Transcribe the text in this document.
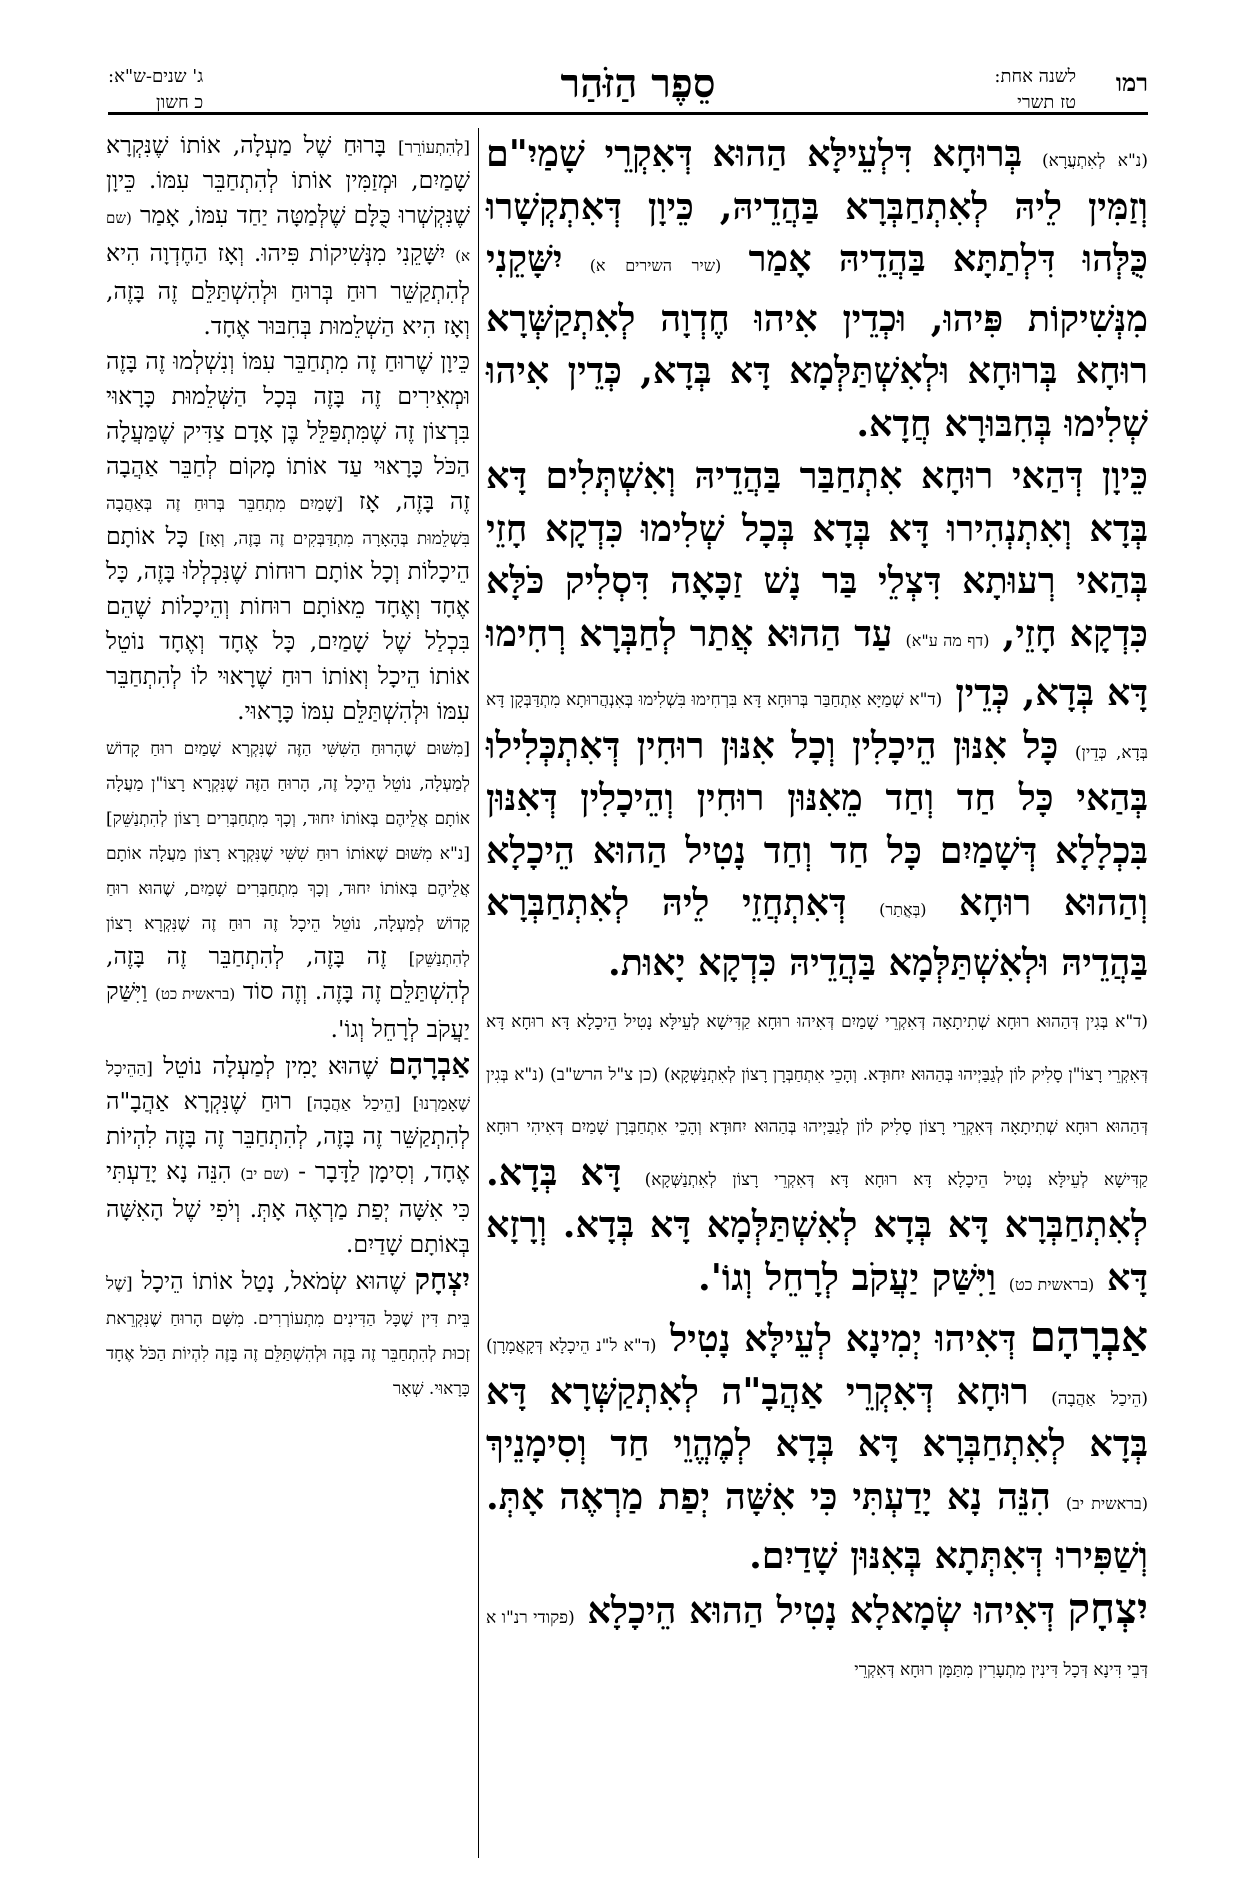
רמו
לשנה אחת:
טז תשרי
סֵפֶר הַזֹּהַר
ג' שנים-ש"א:
כ חשון

(נ"א לְאִתְעֲרָא) בְּרוּחָא דִּלְעֵילָּא הַהוּא דְּאִקְרֵי שָׁמַיִ"ם וְזַמִּין לֵיהּ לְאִתְחַבְּרָא בַּהֲדֵיהּ, כֵּיוָן דְּאִתְקְשָׁרוּ כֻּלְּהוּ דִּלְתַתָּא בַּהֲדֵיהּ אָמַר (שיר השירים א) יִשָּׁקֵנִי מִנְּשִׁיקוֹת פִּיהוּ, וּכְדֵין אִיהוּ חֶדְוָה לְאִתְקַשְּׁרָא רוּחָא בְּרוּחָא וּלְאִשְׁתַּלְּמָא דָּא בְּדָא, כְּדֵין אִיהוּ שְׁלִימוּ בְּחִבּוּרָא חֲדָא.

כֵּיוָן דְּהַאי רוּחָא אִתְחַבַּר בַּהֲדֵיהּ וְאִשְׁתְּלִים דָּא בְּדָא וְאִתְנְהִירוּ דָּא בְּדָא בְּכָל שְׁלִימוּ כִּדְקָא חָזֵי בְּהַאי רְעוּתָא דִּצְלֵי בַּר נָשׁ זַכָּאָה דִּסְלִיק כֹּלָּא כִּדְקָא חָזֵי, (דף מה ע"א) עַד הַהוּא אֲתַר לְחַבְּרָא רְחִימוּ דָּא בְּדָא, כְּדֵין (ד"א שְׁמַיָּא אִתְחַבַּר בְּרוּחָא דָּא בִּרְחִימוּ בִּשְׁלִימוּ בְּאִנְהֲרוּתָא מִתְדַּבְּקָן דָּא בְּדָא, כְּדֵין) כָּל אִנּוּן הֵיכָלִין וְכָל אִנּוּן רוּחִין דְּאִתְכְּלִילוּ בְּהַאי כָּל חַד וְחַד מֵאִנּוּן רוּחִין וְהֵיכָלִין דְּאִנּוּן בִּכְלָלָא דְּשָׁמַיִם כָּל חַד וְחַד נָטִיל הַהוּא הֵיכָלָא וְהַהוּא רוּחָא (בְּאֲתַר) דְּאִתְחֲזֵי לֵיהּ לְאִתְחַבְּרָא בַּהֲדֵיהּ וּלְאִשְׁתַּלְּמָא בַּהֲדֵיהּ כִּדְקָא יָאוּת.

(ד"א בְּגִין דְּהַהוּא רוּחָא שְׁתִיתָאָה דְּאִקְרֵי שָׁמַיִם דְּאִיהוּ רוּחָא קַדִּישָׁא לְעֵילָּא נָטִיל הֵיכָלָא דָּא רוּחָא דָּא דְּאִקְרֵי רָצוֹ"ן סָלִיק לוֹן לְגַבַּיְיהוּ בְּהַהוּא יִחוּדָא. וְהָכֵי אִתְחַבְּרָן רָצוֹן לְאִתְנַשְּׁקָא) (כן צ"ל הרש"ב) (נ"א בְּגִין דְּהַהוּא רוּחָא שְׁתִיתָאָה דְּאִקְרֵי רָצוֹן סָלִיק לוֹן לְגַבַּיְיהוּ בְּהַהוּא יִחוּדָא וְהָכֵי אִתְחַבְּרָן שָׁמַיִם דְּאִיהִי רוּחָא קַדִּישָׁא לְעֵילָּא נָטִיל הֵיכָלָא דָּא רוּחָא דָּא דְּאִקְרֵי רָצוֹן לְאִתְנַשְּׁקָא) דָּא בְּדָא. לְאִתְחַבְּרָא דָּא בְּדָא לְאִשְׁתַּלְּמָא דָּא בְּדָא. וְרָזָא דָּא (בראשית כט) וַיִּשַּׁק יַעֲקֹב לְרָחֵל וְגוֹ'.

אַבְרָהָם דְּאִיהוּ יְמִינָא לְעֵילָּא נָטִיל (ד"א ל"נ הֵיכָלָא דְּקָאֲמָרָן) (הֵיכַל אַהֲבָה) רוּחָא דְּאִקְרֵי אַהֲבָ"ה לְאִתְקַשְּׁרָא דָּא בְּדָא לְאִתְחַבְּרָא דָּא בְּדָא לְמֶהֱוֵי חַד וְסִימָנֵיךְ (בראשית יב) הִנֵּה נָא יָדַעְתִּי כִּי אִשָּׁה יְפַת מַרְאֶה אָתְּ. וְשַׁפִּירוּ דְּאִתְּתָא בְּאִנּוּן שָׁדַיִם.

יִצְחָק דְּאִיהוּ שְׂמָאלָא נָטִיל הַהוּא הֵיכָלָא (פקודי רנ"ו א דְּבֵי דִּינָא דְּכָל דִּינִין מִתְעָרִין מִתַּמָּן רוּחָא דְּאִקְרֵי

[לְהִתְעוֹרֵר] בָּרוּחַ שֶׁל מַעְלָה, אוֹתוֹ שֶׁנִּקְרָא שָׁמַיִם, וּמְזַמִּין אוֹתוֹ לְהִתְחַבֵּר עִמּוֹ. כֵּיוָן שֶׁנִּקְשְׁרוּ כֻּלָּם שֶׁלְּמַטָּה יַחַד עִמּוֹ, אָמַר (שם א) יִשָּׁקֵנִי מִנְּשִׁיקוֹת פִּיהוּ. וְאָז הַחֶדְוָה הִיא לְהִתְקַשֵּׁר רוּחַ בְּרוּחַ וּלְהִשְׁתַּלֵּם זֶה בָּזֶה, וְאָז הִיא הַשְׁלֵמוּת בְּחִבּוּר אֶחָד.

כֵּיוָן שֶׁרוּחַ זֶה מִתְחַבֵּר עִמּוֹ וְנִשְׁלְמוּ זֶה בָּזֶה וּמְאִירִים זֶה בָּזֶה בְּכָל הַשְּׁלֵמוּת כָּרָאוּי בִּרְצוֹן זֶה שֶׁמִּתְפַּלֵּל בֶּן אָדָם צַדִּיק שֶׁמַּעֲלָה הַכֹּל כָּרָאוּי עַד אוֹתוֹ מָקוֹם לְחַבֵּר אַהֲבָה זֶה בָּזֶה, אָז [שָׁמַיִם מִתְחַבֵּר בְּרוּחַ זֶה בְּאַהֲבָה בִּשְׁלֵמוּת בְּהָאָרָה מִתְדַּבְּקִים זֶה בָּזֶה, וְאָז] כָּל אוֹתָם הֵיכָלוֹת וְכָל אוֹתָם רוּחוֹת שֶׁנִּכְלְלוּ בָּזֶה, כָּל אֶחָד וְאֶחָד מֵאוֹתָם רוּחוֹת וְהֵיכָלוֹת שֶׁהֵם בִּכְלַל שֶׁל שָׁמַיִם, כָּל אֶחָד וְאֶחָד נוֹטֵל אוֹתוֹ הֵיכָל וְאוֹתוֹ רוּחַ שֶׁרָאוּי לוֹ לְהִתְחַבֵּר עִמּוֹ וּלְהִשְׁתַּלֵּם עִמּוֹ כָּרָאוּי.

[מִשּׁוּם שֶׁהָרוּחַ הַשִּׁשִּׁי הַזֶּה שֶׁנִּקְרָא שָׁמַיִם רוּחַ קָדוֹשׁ לְמַעְלָה, נוֹטֵל הֵיכָל זֶה, הָרוּחַ הַזֶּה שֶׁנִּקְרָא רָצוֹ"ן מַעֲלָה אוֹתָם אֲלֵיהֶם בְּאוֹתוֹ יִחוּד, וְכָךְ מִתְחַבְּרִים רָצוֹן לְהִתְנַשֵּׁק] [נ"א מִשּׁוּם שֶׁאוֹתוֹ רוּחַ שִׁשִּׁי שֶׁנִּקְרָא רָצוֹן מַעֲלָה אוֹתָם אֲלֵיהֶם בְּאוֹתוֹ יִחוּד, וְכָךְ מִתְחַבְּרִים שָׁמַיִם, שֶׁהוּא רוּחַ קָדוֹשׁ לְמַעְלָה, נוֹטֵל הֵיכָל זֶה רוּחַ זֶה שֶׁנִּקְרָא רָצוֹן לְהִתְנַשֵּׁק] זֶה בָּזֶה, לְהִתְחַבֵּר זֶה בָּזֶה, לְהִשְׁתַּלֵּם זֶה בָּזֶה. וְזֶה סוֹד (בראשית כט) וַיִּשַּׁק יַעֲקֹב לְרָחֵל וְגוֹ'.

אַבְרָהָם שֶׁהוּא יָמִין לְמַעְלָה נוֹטֵל [הַהֵיכָל שֶׁאָמַרְנוּ] [הֵיכַל אַהֲבָה] רוּחַ שֶׁנִּקְרָא אַהֲבָ"ה לְהִתְקַשֵּׁר זֶה בָּזֶה, לְהִתְחַבֵּר זֶה בָּזֶה לִהְיוֹת אֶחָד, וְסִימָן לַדָּבָר - (שם יב) הִנֵּה נָא יָדַעְתִּי כִּי אִשָּׁה יְפַת מַרְאֶה אָתְּ. וְיֹפִי שֶׁל הָאִשָּׁה בְּאוֹתָם שָׁדַיִם.

יִצְחָק שֶׁהוּא שְׂמֹאל, נָטַל אוֹתוֹ הֵיכָל [שֶׁל בֵּית דִּין שֶׁכָּל הַדִּינִים מִתְעוֹרְרִים. מִשָּׁם הָרוּחַ שֶׁנִּקְרֵאת זְכוּת לְהִתְחַבֵּר זֶה בָּזֶה וּלְהִשְׁתַּלֵּם זֶה בָּזֶה לִהְיוֹת הַכֹּל אֶחָד כָּרָאוּי. שְׁאָר
